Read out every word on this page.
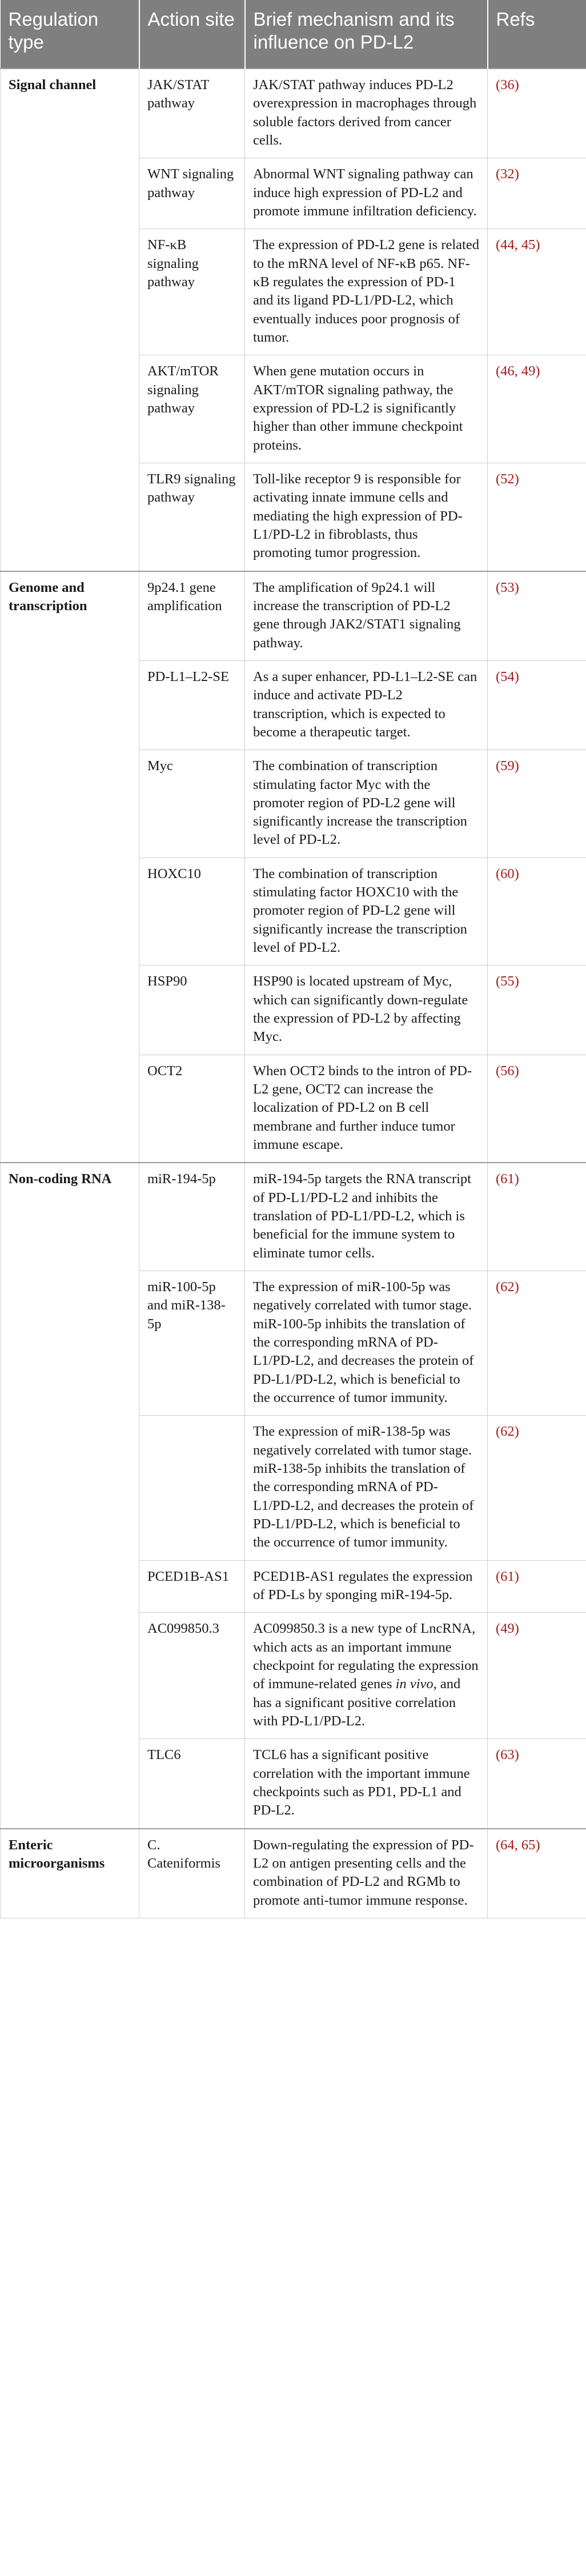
Regulation type	Action site	Brief mechanism and its influence on PD-L2	Refs
Signal channel	JAK/STAT pathway	JAK/STAT pathway induces PD-L2 overexpression in macrophages through soluble factors derived from cancer cells.	(36)
	WNT signaling pathway	Abnormal WNT signaling pathway can induce high expression of PD-L2 and promote immune infiltration deficiency.	(32)
	NF-κB signaling pathway	The expression of PD-L2 gene is related to the mRNA level of NF-κB p65. NF-κB regulates the expression of PD-1 and its ligand PD-L1/PD-L2, which eventually induces poor prognosis of tumor.	(44, 45)
	AKT/mTOR signaling pathway	When gene mutation occurs in AKT/mTOR signaling pathway, the expression of PD-L2 is significantly higher than other immune checkpoint proteins.	(46, 49)
	TLR9 signaling pathway	Toll-like receptor 9 is responsible for activating innate immune cells and mediating the high expression of PD-L1/PD-L2 in fibroblasts, thus promoting tumor progression.	(52)
Genome and transcription	9p24.1 gene amplification	The amplification of 9p24.1 will increase the transcription of PD-L2 gene through JAK2/STAT1 signaling pathway.	(53)
	PD-L1–L2-SE	As a super enhancer, PD-L1–L2-SE can induce and activate PD-L2 transcription, which is expected to become a therapeutic target.	(54)
	Myc	The combination of transcription stimulating factor Myc with the promoter region of PD-L2 gene will significantly increase the transcription level of PD-L2.	(59)
	HOXC10	The combination of transcription stimulating factor HOXC10 with the promoter region of PD-L2 gene will significantly increase the transcription level of PD-L2.	(60)
	HSP90	HSP90 is located upstream of Myc, which can significantly down-regulate the expression of PD-L2 by affecting Myc.	(55)
	OCT2	When OCT2 binds to the intron of PD-L2 gene, OCT2 can increase the localization of PD-L2 on B cell membrane and further induce tumor immune escape.	(56)
Non-coding RNA	miR-194-5p	miR-194-5p targets the RNA transcript of PD-L1/PD-L2 and inhibits the translation of PD-L1/PD-L2, which is beneficial for the immune system to eliminate tumor cells.	(61)
	miR-100-5p and miR-138-5p	The expression of miR-100-5p was negatively correlated with tumor stage. miR-100-5p inhibits the translation of the corresponding mRNA of PD-L1/PD-L2, and decreases the protein of PD-L1/PD-L2, which is beneficial to the occurrence of tumor immunity.	(62)
		The expression of miR-138-5p was negatively correlated with tumor stage. miR-138-5p inhibits the translation of the corresponding mRNA of PD-L1/PD-L2, and decreases the protein of PD-L1/PD-L2, which is beneficial to the occurrence of tumor immunity.	(62)
	PCED1B-AS1	PCED1B-AS1 regulates the expression of PD-Ls by sponging miR-194-5p.	(61)
	AC099850.3	AC099850.3 is a new type of LncRNA, which acts as an important immune checkpoint for regulating the expression of immune-related genes in vivo, and has a significant positive correlation with PD-L1/PD-L2.	(49)
	TLC6	TCL6 has a significant positive correlation with the important immune checkpoints such as PD1, PD-L1 and PD-L2.	(63)
Enteric microorganisms	C. Cateniformis	Down-regulating the expression of PD-L2 on antigen presenting cells and the combination of PD-L2 and RGMb to promote anti-tumor immune response.	(64, 65)
